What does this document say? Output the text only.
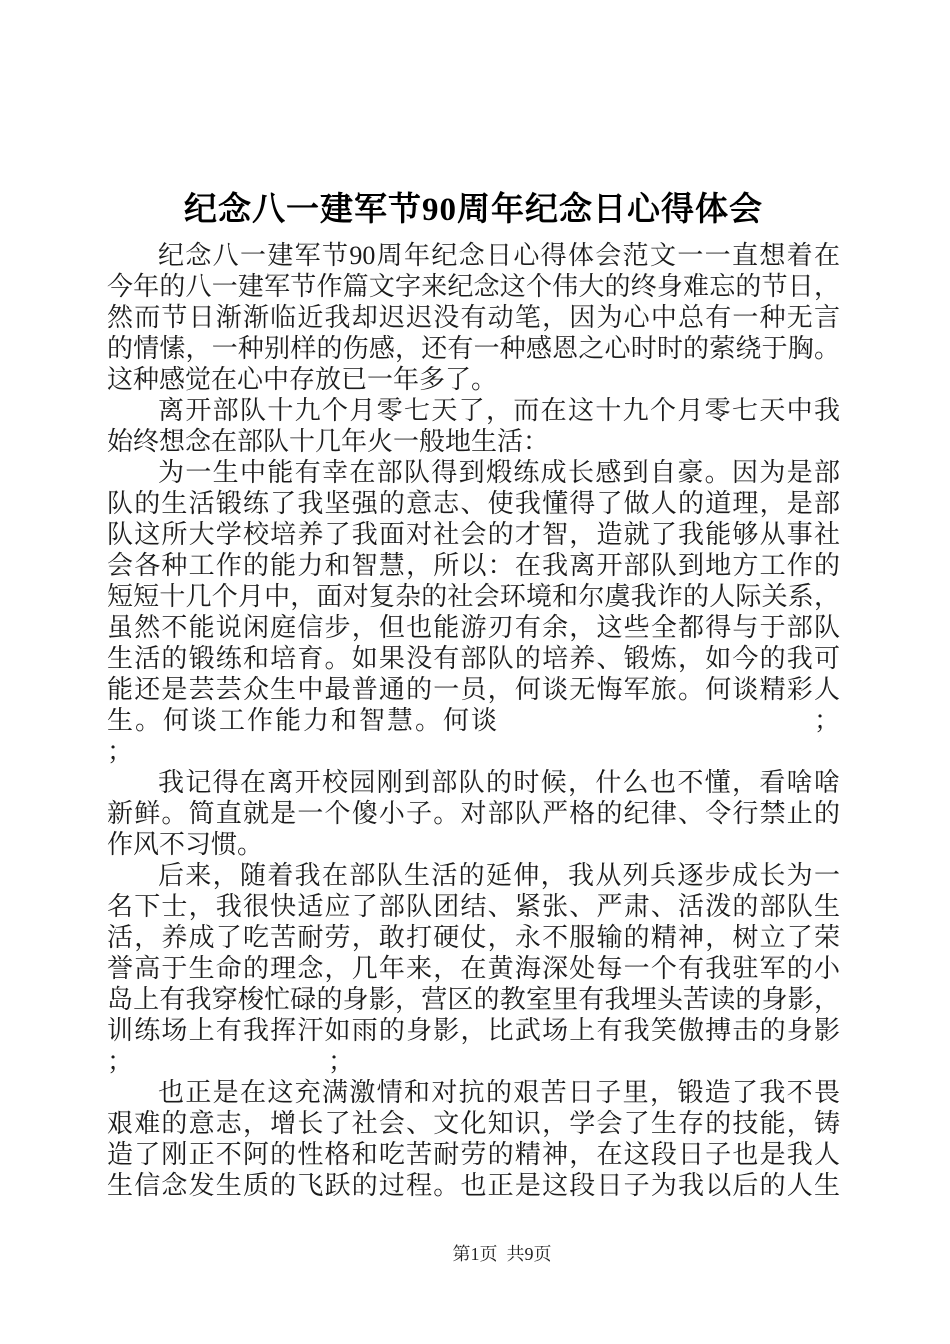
纪念八一建军节90周年纪念日心得体会
纪念八一建军节90周年纪念日心得体会范文一一直想着在
今年的八一建军节作篇文字来纪念这个伟大的终身难忘的节日，
然而节日渐渐临近我却迟迟没有动笔，因为心中总有一种无言
的情愫，一种别样的伤感，还有一种感恩之心时时的萦绕于胸。
这种感觉在心中存放已一年多了。
离开部队十九个月零七天了，而在这十九个月零七天中我
始终想念在部队十几年火一般地生活：
为一生中能有幸在部队得到煅练成长感到自豪。因为是部
队的生活锻练了我坚强的意志、使我懂得了做人的道理，是部
队这所大学校培养了我面对社会的才智，造就了我能够从事社
会各种工作的能力和智慧，所以：在我离开部队到地方工作的
短短十几个月中，面对复杂的社会环境和尔虞我诈的人际关系，
虽然不能说闲庭信步，但也能游刃有余，这些全都得与于部队
生活的锻练和培育。如果没有部队的培养、锻炼，如今的我可
能还是芸芸众生中最普通的一员，何谈无悔军旅。何谈精彩人
生。何谈工作能力和智慧。何谈	；
；
我记得在离开校园刚到部队的时候，什么也不懂，看啥啥
新鲜。简直就是一个傻小子。对部队严格的纪律、令行禁止的
作风不习惯。
后来，随着我在部队生活的延伸，我从列兵逐步成长为一
名下士，我很快适应了部队团结、紧张、严肃、活泼的部队生
活，养成了吃苦耐劳，敢打硬仗，永不服输的精神，树立了荣
誉高于生命的理念，几年来，在黄海深处每一个有我驻军的小
岛上有我穿梭忙碌的身影，营区的教室里有我埋头苦读的身影，
训练场上有我挥汗如雨的身影，比武场上有我笑傲搏击的身影
；　　　　　　　　；
也正是在这充满激情和对抗的艰苦日子里，锻造了我不畏
艰难的意志，增长了社会、文化知识，学会了生存的技能，铸
造了刚正不阿的性格和吃苦耐劳的精神，在这段日子也是我人
生信念发生质的飞跃的过程。也正是这段日子为我以后的人生
第1页 共9页
